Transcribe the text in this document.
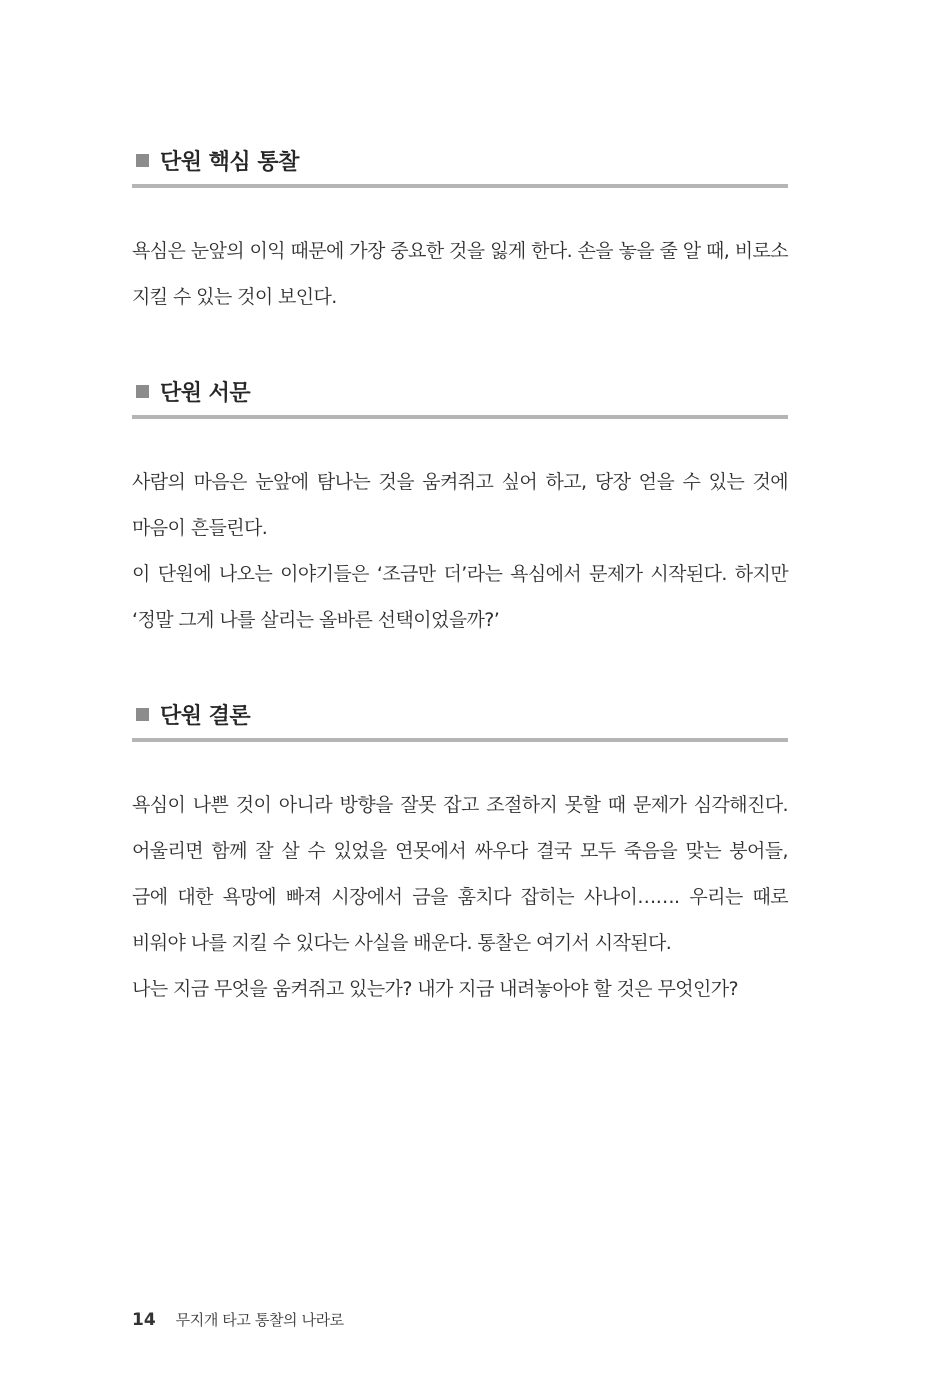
단원 핵심 통찰

욕심은 눈앞의 이익 때문에 가장 중요한 것을 잃게 한다. 손을 놓을 줄 알 때, 비로소 지킬 수 있는 것이 보인다.

단원 서문

사람의 마음은 눈앞에 탐나는 것을 움켜쥐고 싶어 하고, 당장 얻을 수 있는 것에 마음이 흔들린다.

이 단원에 나오는 이야기들은 ‘조금만 더’라는 욕심에서 문제가 시작된다. 하지만 ‘정말 그게 나를 살리는 올바른 선택이었을까?’

단원 결론

욕심이 나쁜 것이 아니라 방향을 잘못 잡고 조절하지 못할 때 문제가 심각해진다. 어울리면 함께 잘 살 수 있었을 연못에서 싸우다 결국 모두 죽음을 맞는 붕어들, 금에 대한 욕망에 빠져 시장에서 금을 훔치다 잡히는 사나이……. 우리는 때로 비워야 나를 지킬 수 있다는 사실을 배운다. 통찰은 여기서 시작된다.

나는 지금 무엇을 움켜쥐고 있는가? 내가 지금 내려놓아야 할 것은 무엇인가?

14 무지개 타고 통찰의 나라로
